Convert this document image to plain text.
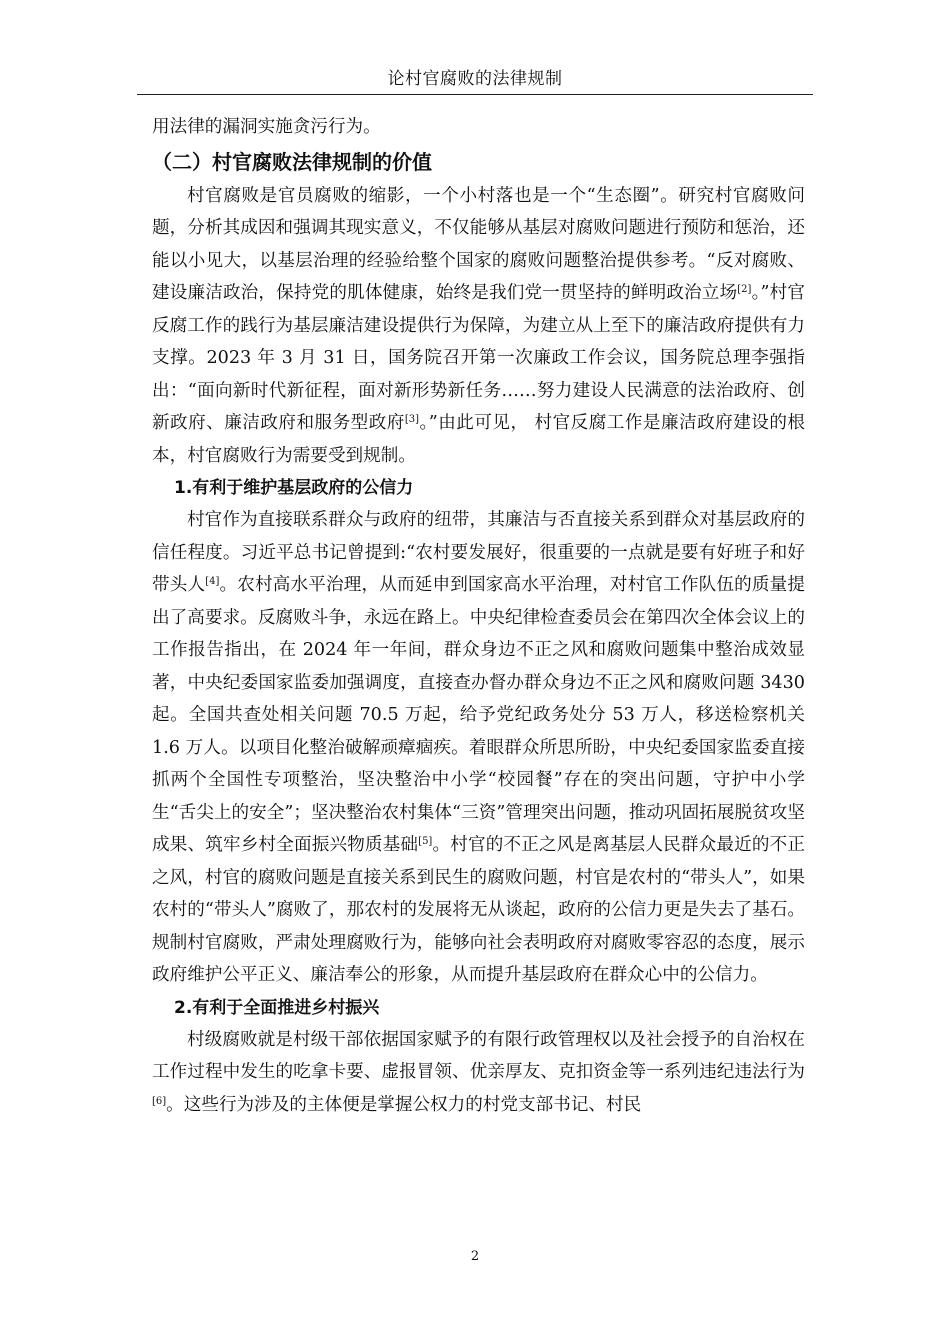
论村官腐败的法律规制

用法律的漏洞实施贪污行为。

（二）村官腐败法律规制的价值

村官腐败是官员腐败的缩影，一个小村落也是一个“生态圈”。研究村官腐败问题，分析其成因和强调其现实意义，不仅能够从基层对腐败问题进行预防和惩治，还能以小见大，以基层治理的经验给整个国家的腐败问题整治提供参考。“反对腐败、建设廉洁政治，保持党的肌体健康，始终是我们党一贯坚持的鲜明政治立场[2]。”村官反腐工作的践行为基层廉洁建设提供行为保障，为建立从上至下的廉洁政府提供有力支撑。2023 年 3 月 31 日，国务院召开第一次廉政工作会议，国务院总理李强指出：“面向新时代新征程，面对新形势新任务……努力建设人民满意的法治政府、创新政府、廉洁政府和服务型政府[3]。”由此可见， 村官反腐工作是廉洁政府建设的根本，村官腐败行为需要受到规制。

1.有利于维护基层政府的公信力

村官作为直接联系群众与政府的纽带，其廉洁与否直接关系到群众对基层政府的信任程度。习近平总书记曾提到:“农村要发展好，很重要的一点就是要有好班子和好带头人[4]。农村高水平治理，从而延申到国家高水平治理，对村官工作队伍的质量提出了高要求。反腐败斗争，永远在路上。中央纪律检查委员会在第四次全体会议上的工作报告指出，在 2024 年一年间，群众身边不正之风和腐败问题集中整治成效显著，中央纪委国家监委加强调度，直接查办督办群众身边不正之风和腐败问题 3430 起。全国共查处相关问题 70.5 万起，给予党纪政务处分 53 万人，移送检察机关 1.6 万人。以项目化整治破解顽瘴痼疾。着眼群众所思所盼，中央纪委国家监委直接抓两个全国性专项整治，坚决整治中小学“校园餐”存在的突出问题，守护中小学生“舌尖上的安全”；坚决整治农村集体“三资”管理突出问题，推动巩固拓展脱贫攻坚成果、筑牢乡村全面振兴物质基础[5]。村官的不正之风是离基层人民群众最近的不正之风，村官的腐败问题是直接关系到民生的腐败问题，村官是农村的“带头人”，如果农村的“带头人”腐败了，那农村的发展将无从谈起，政府的公信力更是失去了基石。规制村官腐败，严肃处理腐败行为，能够向社会表明政府对腐败零容忍的态度，展示政府维护公平正义、廉洁奉公的形象，从而提升基层政府在群众心中的公信力。

2.有利于全面推进乡村振兴

村级腐败就是村级干部依据国家赋予的有限行政管理权以及社会授予的自治权在工作过程中发生的吃拿卡要、虚报冒领、优亲厚友、克扣资金等一系列违纪违法行为[6]。这些行为涉及的主体便是掌握公权力的村党支部书记、村民

2
